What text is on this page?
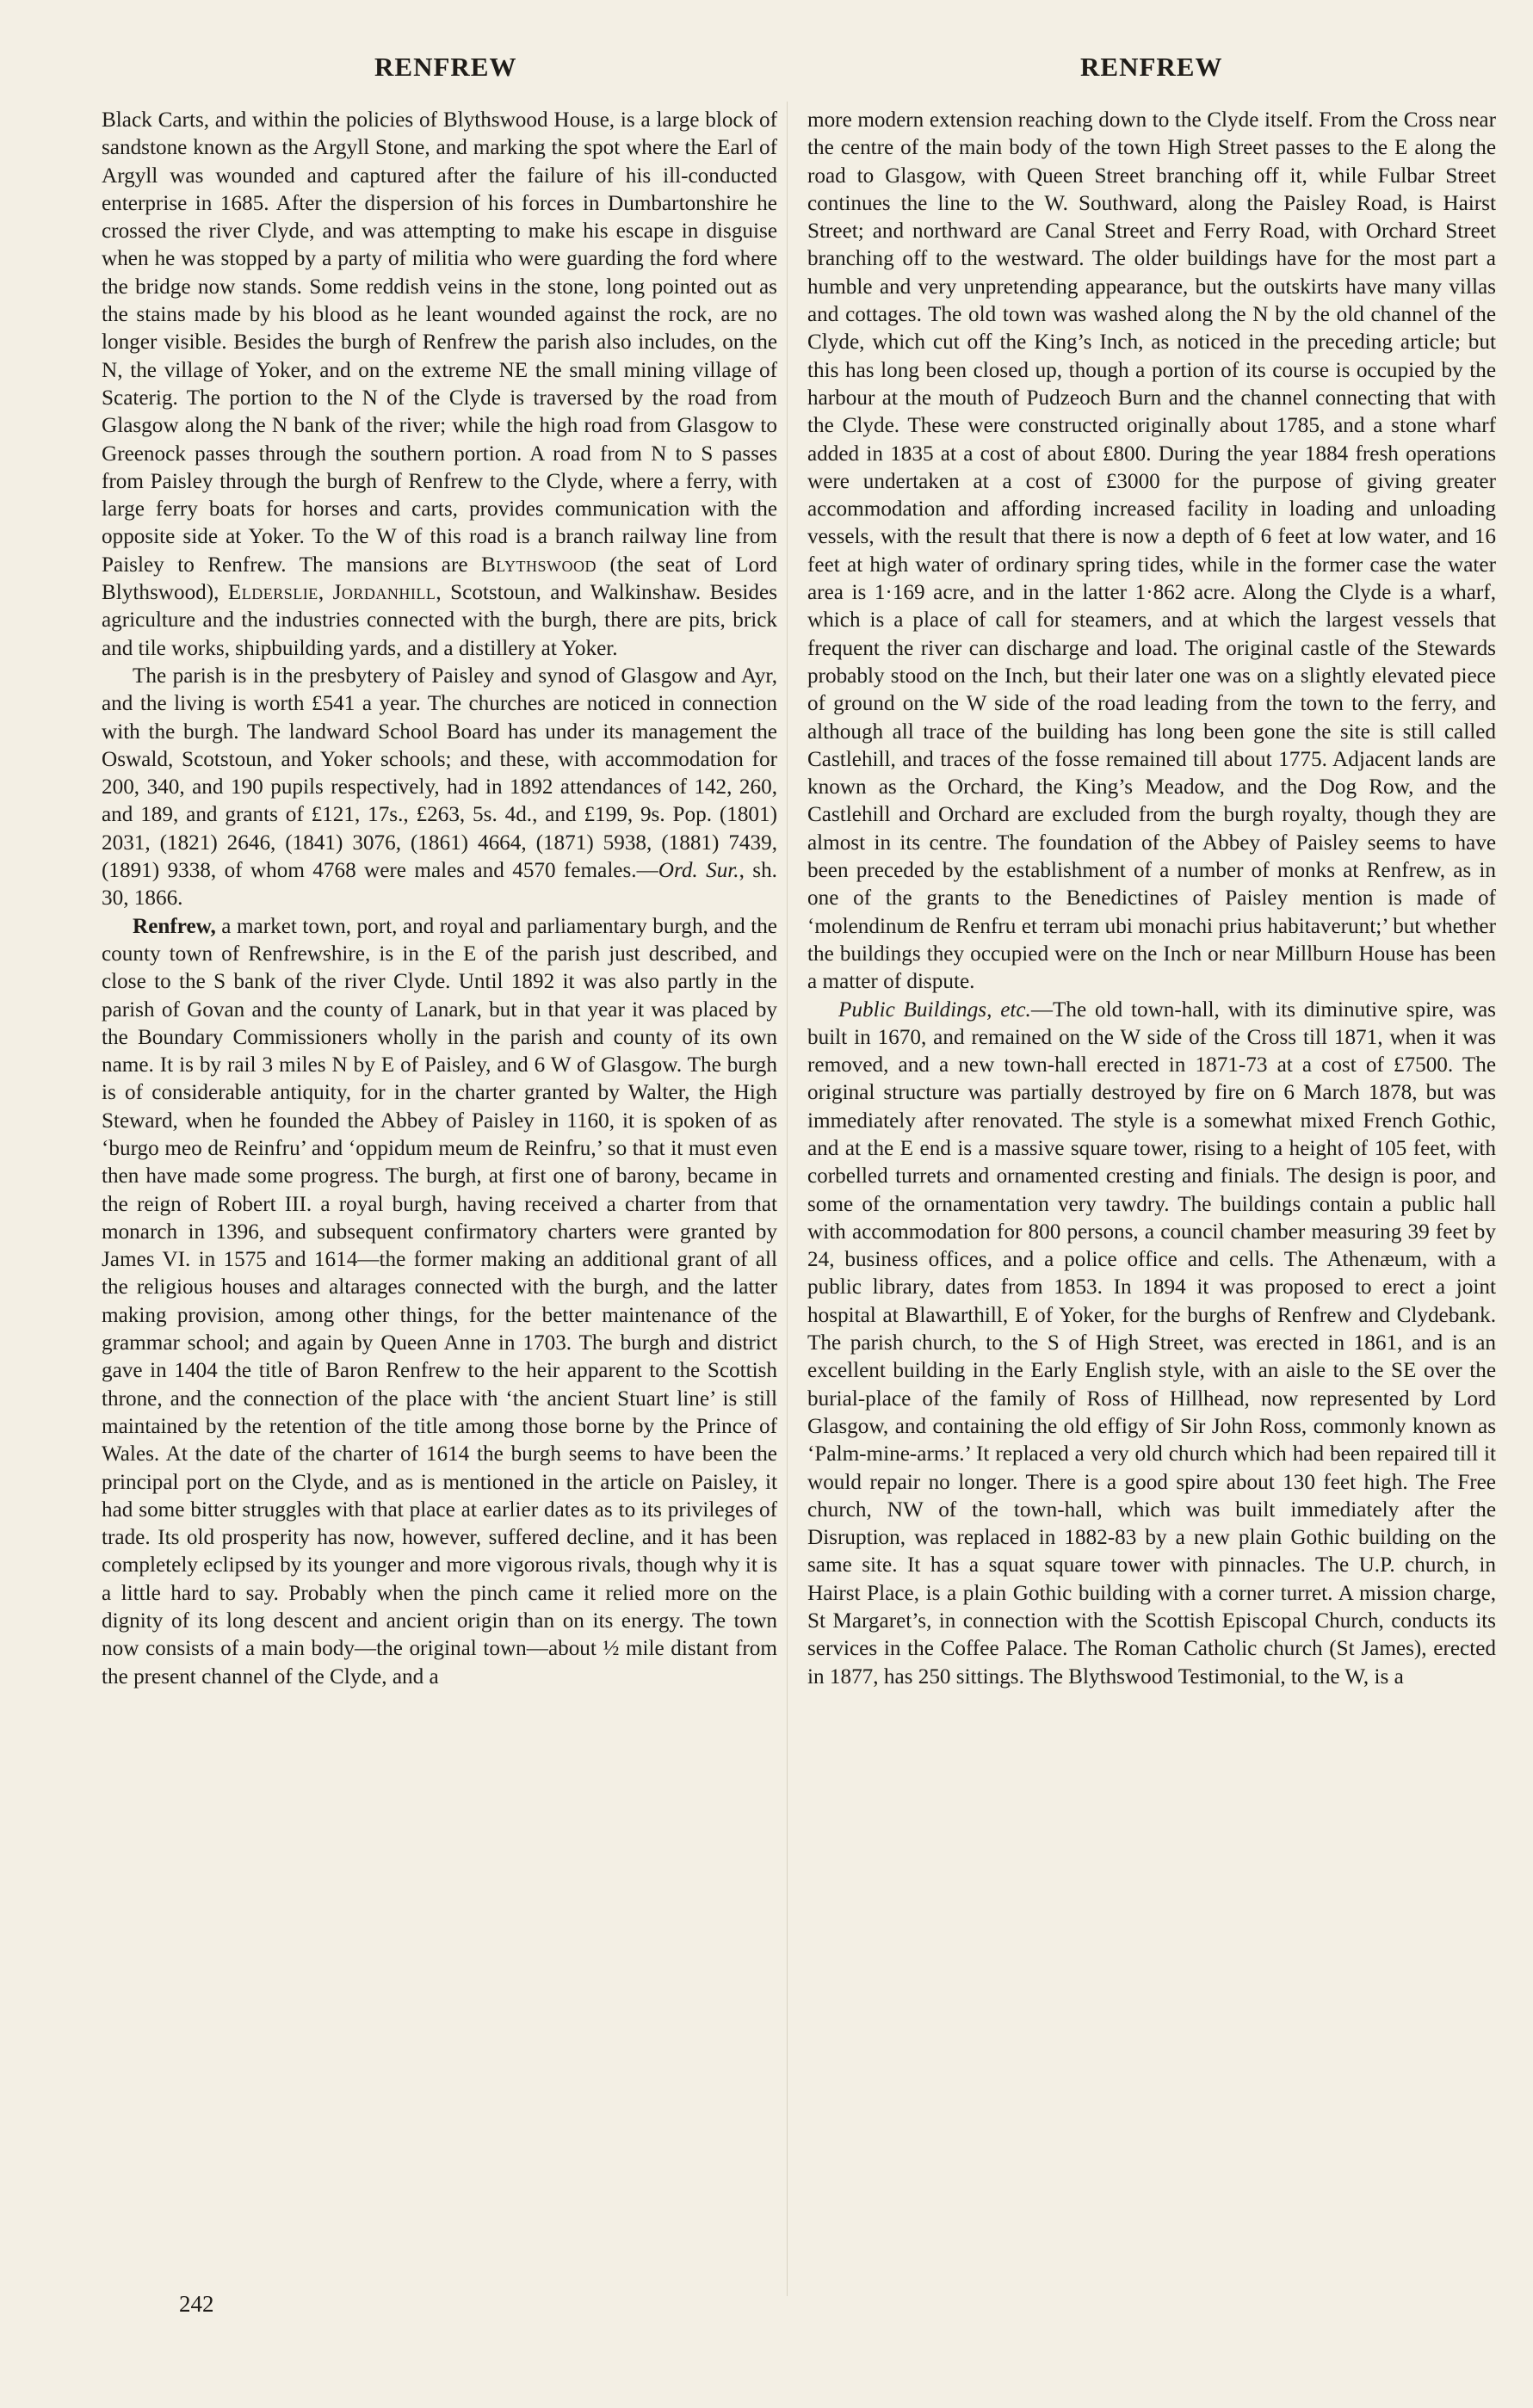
RENFREW	RENFREW

Black Carts, and within the policies of Blythswood House, is a large block of sandstone known as the Argyll Stone, and marking the spot where the Earl of Argyll was wounded and captured after the failure of his ill-conducted enterprise in 1685. After the dispersion of his forces in Dumbartonshire he crossed the river Clyde, and was attempting to make his escape in disguise when he was stopped by a party of militia who were guarding the ford where the bridge now stands. Some reddish veins in the stone, long pointed out as the stains made by his blood as he leant wounded against the rock, are no longer visible. Besides the burgh of Renfrew the parish also includes, on the N, the village of Yoker, and on the extreme NE the small mining village of Scaterig. The portion to the N of the Clyde is traversed by the road from Glasgow along the N bank of the river; while the high road from Glasgow to Greenock passes through the southern portion. A road from N to S passes from Paisley through the burgh of Renfrew to the Clyde, where a ferry, with large ferry boats for horses and carts, provides communication with the opposite side at Yoker. To the W of this road is a branch railway line from Paisley to Renfrew. The mansions are Blythswood (the seat of Lord Blythswood), Elderslie, Jordanhill, Scotstoun, and Walkinshaw. Besides agriculture and the industries connected with the burgh, there are pits, brick and tile works, shipbuilding yards, and a distillery at Yoker.

The parish is in the presbytery of Paisley and synod of Glasgow and Ayr, and the living is worth £541 a year. The churches are noticed in connection with the burgh. The landward School Board has under its management the Oswald, Scotstoun, and Yoker schools; and these, with accommodation for 200, 340, and 190 pupils respectively, had in 1892 attendances of 142, 260, and 189, and grants of £121, 17s., £263, 5s. 4d., and £199, 9s. Pop. (1801) 2031, (1821) 2646, (1841) 3076, (1861) 4664, (1871) 5938, (1881) 7439, (1891) 9338, of whom 4768 were males and 4570 females.—Ord. Sur., sh. 30, 1866.

Renfrew, a market town, port, and royal and parliamentary burgh, and the county town of Renfrewshire, is in the E of the parish just described, and close to the S bank of the river Clyde. Until 1892 it was also partly in the parish of Govan and the county of Lanark, but in that year it was placed by the Boundary Commissioners wholly in the parish and county of its own name. It is by rail 3 miles N by E of Paisley, and 6 W of Glasgow. The burgh is of considerable antiquity, for in the charter granted by Walter, the High Steward, when he founded the Abbey of Paisley in 1160, it is spoken of as ‘burgo meo de Reinfru’ and ‘oppidum meum de Reinfru,’ so that it must even then have made some progress. The burgh, at first one of barony, became in the reign of Robert III. a royal burgh, having received a charter from that monarch in 1396, and subsequent confirmatory charters were granted by James VI. in 1575 and 1614—the former making an additional grant of all the religious houses and altarages connected with the burgh, and the latter making provision, among other things, for the better maintenance of the grammar school; and again by Queen Anne in 1703. The burgh and district gave in 1404 the title of Baron Renfrew to the heir apparent to the Scottish throne, and the connection of the place with ‘the ancient Stuart line’ is still maintained by the retention of the title among those borne by the Prince of Wales. At the date of the charter of 1614 the burgh seems to have been the principal port on the Clyde, and as is mentioned in the article on Paisley, it had some bitter struggles with that place at earlier dates as to its privileges of trade. Its old prosperity has now, however, suffered decline, and it has been completely eclipsed by its younger and more vigorous rivals, though why it is a little hard to say. Probably when the pinch came it relied more on the dignity of its long descent and ancient origin than on its energy. The town now consists of a main body—the original town—about ½ mile distant from the present channel of the Clyde, and a

more modern extension reaching down to the Clyde itself. From the Cross near the centre of the main body of the town High Street passes to the E along the road to Glasgow, with Queen Street branching off it, while Fulbar Street continues the line to the W. Southward, along the Paisley Road, is Hairst Street; and northward are Canal Street and Ferry Road, with Orchard Street branching off to the westward. The older buildings have for the most part a humble and very unpretending appearance, but the outskirts have many villas and cottages. The old town was washed along the N by the old channel of the Clyde, which cut off the King’s Inch, as noticed in the preceding article; but this has long been closed up, though a portion of its course is occupied by the harbour at the mouth of Pudzeoch Burn and the channel connecting that with the Clyde. These were constructed originally about 1785, and a stone wharf added in 1835 at a cost of about £800. During the year 1884 fresh operations were undertaken at a cost of £3000 for the purpose of giving greater accommodation and affording increased facility in loading and unloading vessels, with the result that there is now a depth of 6 feet at low water, and 16 feet at high water of ordinary spring tides, while in the former case the water area is 1·169 acre, and in the latter 1·862 acre. Along the Clyde is a wharf, which is a place of call for steamers, and at which the largest vessels that frequent the river can discharge and load. The original castle of the Stewards probably stood on the Inch, but their later one was on a slightly elevated piece of ground on the W side of the road leading from the town to the ferry, and although all trace of the building has long been gone the site is still called Castlehill, and traces of the fosse remained till about 1775. Adjacent lands are known as the Orchard, the King’s Meadow, and the Dog Row, and the Castlehill and Orchard are excluded from the burgh royalty, though they are almost in its centre. The foundation of the Abbey of Paisley seems to have been preceded by the establishment of a number of monks at Renfrew, as in one of the grants to the Benedictines of Paisley mention is made of ‘molendinum de Renfru et terram ubi monachi prius habitaverunt;’ but whether the buildings they occupied were on the Inch or near Millburn House has been a matter of dispute.

Public Buildings, etc.—The old town-hall, with its diminutive spire, was built in 1670, and remained on the W side of the Cross till 1871, when it was removed, and a new town-hall erected in 1871-73 at a cost of £7500. The original structure was partially destroyed by fire on 6 March 1878, but was immediately after renovated. The style is a somewhat mixed French Gothic, and at the E end is a massive square tower, rising to a height of 105 feet, with corbelled turrets and ornamented cresting and finials. The design is poor, and some of the ornamentation very tawdry. The buildings contain a public hall with accommodation for 800 persons, a council chamber measuring 39 feet by 24, business offices, and a police office and cells. The Athenæum, with a public library, dates from 1853. In 1894 it was proposed to erect a joint hospital at Blawarthill, E of Yoker, for the burghs of Renfrew and Clydebank. The parish church, to the S of High Street, was erected in 1861, and is an excellent building in the Early English style, with an aisle to the SE over the burial-place of the family of Ross of Hillhead, now represented by Lord Glasgow, and containing the old effigy of Sir John Ross, commonly known as ‘Palm-mine-arms.’ It replaced a very old church which had been repaired till it would repair no longer. There is a good spire about 130 feet high. The Free church, NW of the town-hall, which was built immediately after the Disruption, was replaced in 1882-83 by a new plain Gothic building on the same site. It has a squat square tower with pinnacles. The U.P. church, in Hairst Place, is a plain Gothic building with a corner turret. A mission charge, St Margaret’s, in connection with the Scottish Episcopal Church, conducts its services in the Coffee Palace. The Roman Catholic church (St James), erected in 1877, has 250 sittings. The Blythswood Testimonial, to the W, is a

242
